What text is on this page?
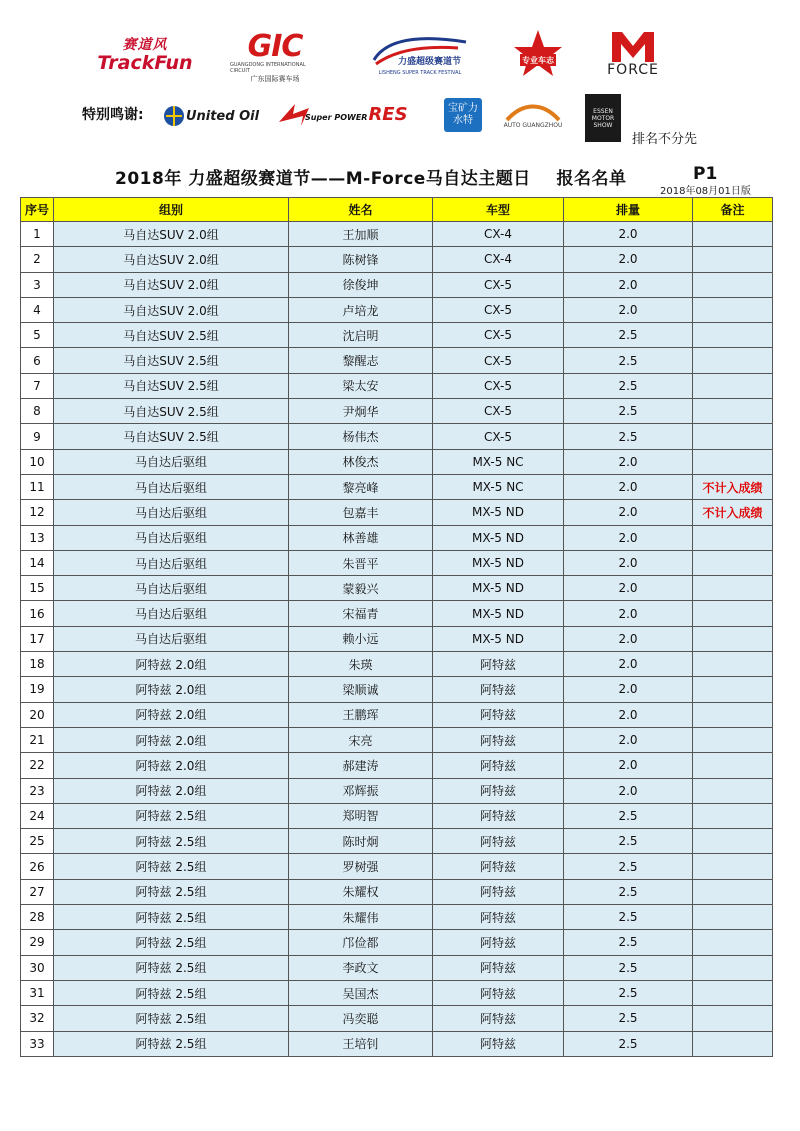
赛道风
TrackFun GIC
GUANGDONG INTERNATIONAL CIRCUIT
广东国际赛车场
力盛超级赛道节
LISHENG SUPER TRACK FESTIVAL
专业车志
M
FORCE
特别鸣谢:	United Oil	Super POWER RES	宝矿力
水特	AUTO GUANGZHOU
ESSEN
MOTOR
SHOW
排名不分先
2018年 力盛超级赛道节——M-Force马自达主题日    报名名单	P1
2018年08月01日版
序号	组别	姓名	车型	排量	备注
1	马自达SUV 2.0组	王加顺	CX-4	2.0	
2	马自达SUV 2.0组	陈树锋	CX-4	2.0	
3	马自达SUV 2.0组	徐俊坤	CX-5	2.0	
4	马自达SUV 2.0组	卢培龙	CX-5	2.0	
5	马自达SUV 2.5组	沈启明	CX-5	2.5	
6	马自达SUV 2.5组	黎醒志	CX-5	2.5	
7	马自达SUV 2.5组	梁太安	CX-5	2.5	
8	马自达SUV 2.5组	尹炯华	CX-5	2.5	
9	马自达SUV 2.5组	杨伟杰	CX-5	2.5	
10	马自达后驱组	林俊杰	MX-5 NC	2.0	
11	马自达后驱组	黎亮峰	MX-5 NC	2.0	不计入成绩
12	马自达后驱组	包嘉丰	MX-5 ND	2.0	不计入成绩
13	马自达后驱组	林善雄	MX-5 ND	2.0	
14	马自达后驱组	朱晋平	MX-5 ND	2.0	
15	马自达后驱组	蒙毅兴	MX-5 ND	2.0	
16	马自达后驱组	宋福青	MX-5 ND	2.0	
17	马自达后驱组	赖小远	MX-5 ND	2.0	
18	阿特兹 2.0组	朱瑛	阿特兹	2.0	
19	阿特兹 2.0组	梁顺诚	阿特兹	2.0	
20	阿特兹 2.0组	王鹏珲	阿特兹	2.0	
21	阿特兹 2.0组	宋亮	阿特兹	2.0	
22	阿特兹 2.0组	郝建涛	阿特兹	2.0	
23	阿特兹 2.0组	邓辉振	阿特兹	2.0	
24	阿特兹 2.5组	郑明智	阿特兹	2.5	
25	阿特兹 2.5组	陈时炯	阿特兹	2.5	
26	阿特兹 2.5组	罗树强	阿特兹	2.5	
27	阿特兹 2.5组	朱耀权	阿特兹	2.5	
28	阿特兹 2.5组	朱耀伟	阿特兹	2.5	
29	阿特兹 2.5组	邝俭都	阿特兹	2.5	
30	阿特兹 2.5组	李政文	阿特兹	2.5	
31	阿特兹 2.5组	吴国杰	阿特兹	2.5	
32	阿特兹 2.5组	冯奕聪	阿特兹	2.5	
33	阿特兹 2.5组	王培钊	阿特兹	2.5	
